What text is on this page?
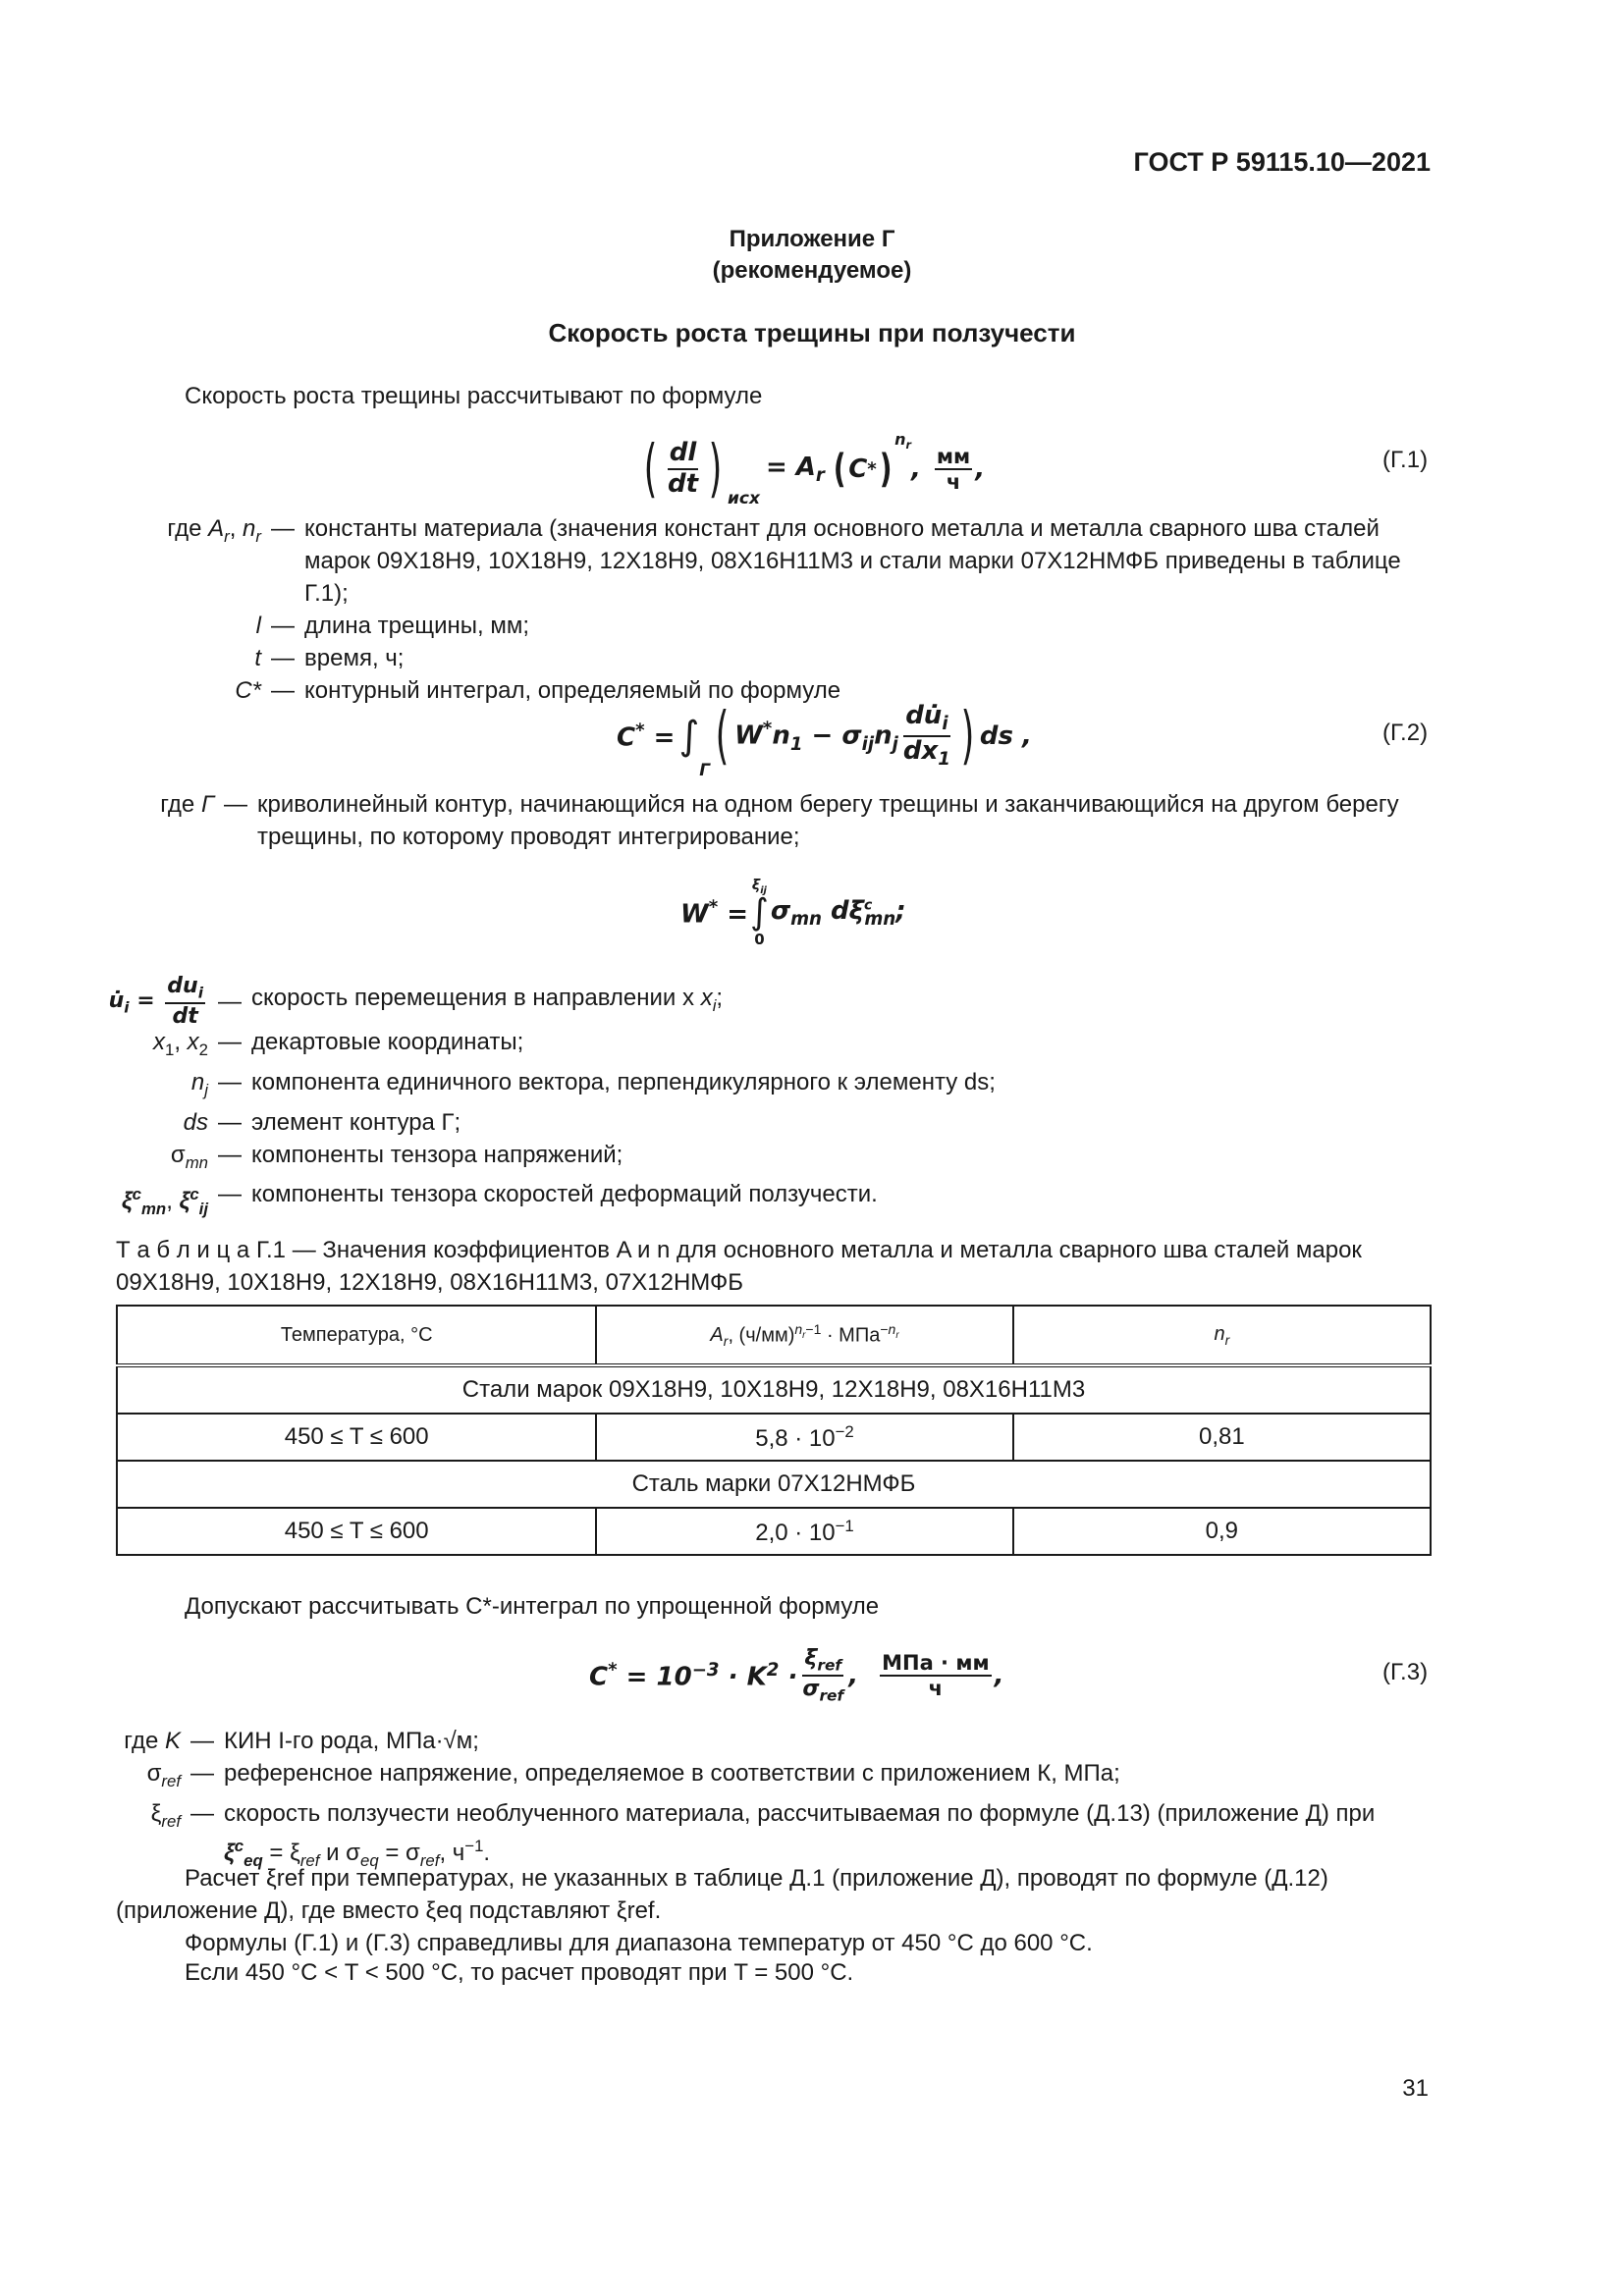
ГОСТ Р 59115.10—2021
Приложение Г
(рекомендуемое)
Скорость роста трещины при ползучести
Скорость роста трещины рассчитывают по формуле
( $\frac{dl}{dt}$ ) $_{исх}$
= $A_r$ ( C * )
$^{n_r}$
, $\frac{мм}{ч}$ ,	(Г.1)
где $A_r$, $n_r$ — константы материала (значения констант для основного металла и металла сварного шва сталей марок 09Х18Н9, 10Х18Н9, 12Х18Н9, 08Х16Н11М3 и стали марки 07Х12НМФБ приведены в таблице Г.1);
l — длина трещины, мм;
t — время, ч;
C* — контурный интеграл, определяемый по формуле
C* = ∫
Г ( $W^*n_1 - \sigma_{ij}n_j \frac{du̇_i}{dx_1}$ ) ds ,	(Г.2)
где Г — криволинейный контур, начинающийся на одном берегу трещины и заканчивающийся на другом берегу трещины, по которому проводят интегрирование;
W* =
$\xi_{ij}$
∫
0
$\sigma_{mn}$ $d\xi^c_{mn}$;
$u̇_i = \frac{du_i}{dt}$ — скорость перемещения в направлении x $x_i$;
$x_1$, $x_2$ — декартовые координаты;
$n_j$ — компонента единичного вектора, перпендикулярного к элементу ds;
ds — элемент контура Г;
$\sigma_{mn}$ — компоненты тензора напряжений;
$\xi^c_{mn}$, $\xi^c_{ij}$
— компоненты тензора скоростей деформаций ползучести.
Т а б л и ц а Г.1 — Значения коэффициентов A и n для основного металла и металла сварного шва сталей марок 09Х18Н9, 10Х18Н9, 12Х18Н9, 08Х16Н11М3, 07Х12НМФБ
Температура, °С	$A_r$, $(ч/мм)^{n_r-1} \cdot МПа^{-n_r}$	$n_r$
Стали марок 09Х18Н9, 10Х18Н9, 12Х18Н9, 08Х16Н11М3		
450 ≤ T ≤ 600	$5,8 \cdot 10^{-2}$	0,81
Сталь марки 07Х12НМФБ		
450 ≤ T ≤ 600	$2,0 \cdot 10^{-1}$	0,9
Допускают рассчитывать C*-интеграл по упрощенной формуле
$C^* = 10^{-3} \cdot K^2 \cdot \frac{\xi_{ref}}{\sigma_{ref}}$ , $\frac{\text{МПа · мм}}{ч}$ ,	(Г.3)
где K — КИН I-го рода, МПа·√м;
$\sigma_{ref}$ — референсное напряжение, определяемое в соответствии с приложением К, МПа;
$\xi_{ref}$ — скорость ползучести необлученного материала, рассчитываемая по формуле (Д.13) (приложение Д) при
$\xi^c_{eq} = \xi_{ref}$ и $\sigma_{eq} = \sigma_{ref}$, $ч^{-1}$.
Расчет ξref при температурах, не указанных в таблице Д.1 (приложение Д), проводят по формуле (Д.12) (приложение Д), где вместо ξeq подставляют ξref.
Формулы (Г.1) и (Г.3) справедливы для диапазона температур от 450 °С до 600 °С.
Если 450 °С < T < 500 °С, то расчет проводят при T = 500 °С.
31
